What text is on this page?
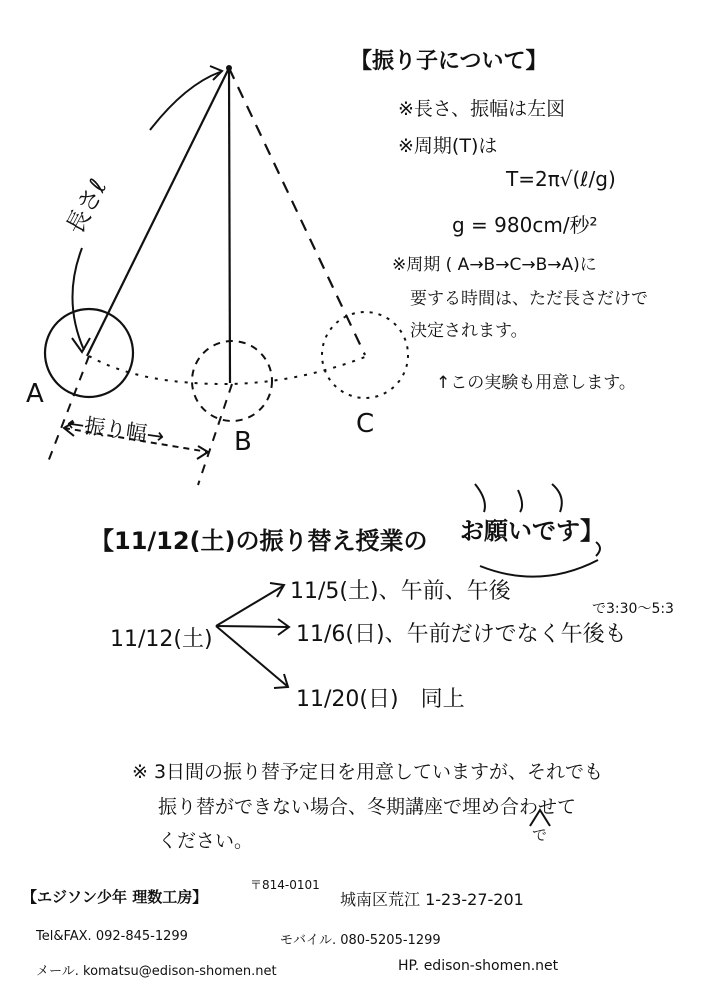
A
B
C
長さℓ
←振り幅→
【振り子について】
※長さ、振幅は左図
※周期(T)は
T=2π√(ℓ/g)
g = 980cm/秒²
※周期 ( A→B→C→B→A)に
要する時間は、ただ長さだけで
決定されます。
↑この実験も用意します。
【11/12(土)の振り替え授業の お願いです】
11/12(土)
11/5(土)、午前、午後
11/6(日)、午前だけでなく午後も
11/20(日)　同上
で3:30～5:3
※ 3日間の振り替予定日を用意していますが、それでも
振り替ができない場合、冬期講座で埋め合わせて
ください。	で
【エジソン少年 理数工房】
〒814-0101
城南区荒江 1-23-27-201
Tel&FAX. 092-845-1299	モバイル. 080-5205-1299
メール. komatsu@edison-shomen.net	HP. edison-shomen.net
